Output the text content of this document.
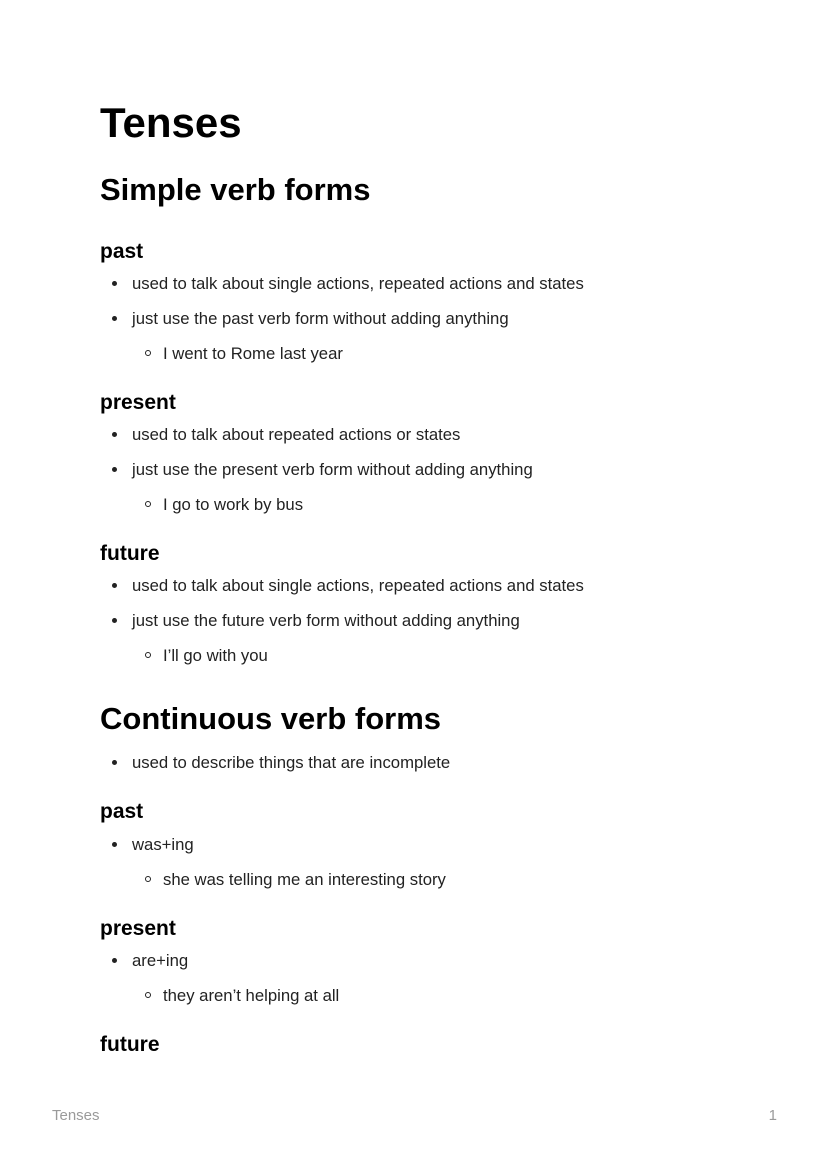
Tenses
Simple verb forms
past
used to talk about single actions, repeated actions and states
just use the past verb form without adding anything
I went to Rome last year
present
used to talk about repeated actions or states
just use the present verb form without adding anything
I go to work by bus
future
used to talk about single actions, repeated actions and states
just use the future verb form without adding anything
I’ll go with you
Continuous verb forms
used to describe things that are incomplete
past
was+ing
she was telling me an interesting story
present
are+ing
they aren’t helping at all
future
Tenses	1
